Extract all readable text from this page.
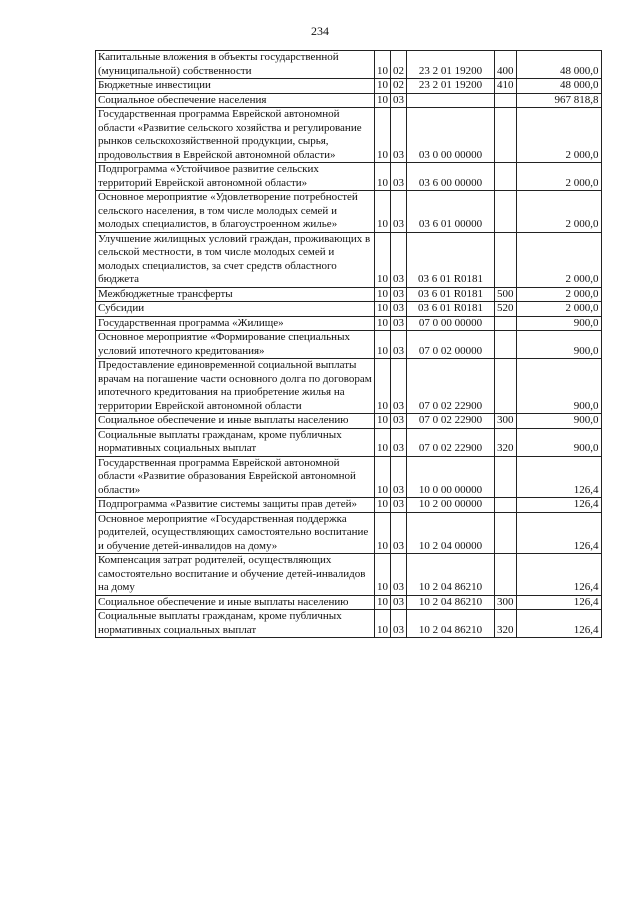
234
Капитальные вложения в объекты государственной (муниципальной) собственности	10	02	23 2 01 19200	400	48 000,0
Бюджетные инвестиции	10	02	23 2 01 19200	410	48 000,0
Социальное обеспечение населения	10	03			967 818,8
Государственная программа Еврейской автономной области «Развитие сельского хозяйства и регулирование рынков сельскохозяйственной продукции, сырья, продовольствия в Еврейской автономной области»	10	03	03 0 00 00000		2 000,0
Подпрограмма «Устойчивое развитие сельских территорий Еврейской автономной области»	10	03	03 6 00 00000		2 000,0
Основное мероприятие «Удовлетворение потребностей сельского населения, в том числе молодых семей и молодых специалистов, в благоустроенном жилье»	10	03	03 6 01 00000		2 000,0
Улучшение жилищных условий граждан, проживающих в сельской местности, в том числе молодых семей и молодых специалистов, за счет средств областного бюджета	10	03	03 6 01 R0181		2 000,0
Межбюджетные трансферты	10	03	03 6 01 R0181	500	2 000,0
Субсидии	10	03	03 6 01 R0181	520	2 000,0
Государственная программа «Жилище»	10	03	07 0 00 00000		900,0
Основное мероприятие «Формирование специальных условий ипотечного кредитования»	10	03	07 0 02 00000		900,0
Предоставление единовременной социальной выплаты врачам на погашение части основного долга по договорам ипотечного кредитования на приобретение жилья на территории Еврейской автономной области	10	03	07 0 02 22900		900,0
Социальное обеспечение и иные выплаты населению	10	03	07 0 02 22900	300	900,0
Социальные выплаты гражданам, кроме публичных нормативных социальных выплат	10	03	07 0 02 22900	320	900,0
Государственная программа Еврейской автономной области «Развитие образования Еврейской автономной области»	10	03	10 0 00 00000		126,4
Подпрограмма «Развитие системы защиты прав детей»	10	03	10 2 00 00000		126,4
Основное мероприятие «Государственная поддержка родителей, осуществляющих самостоятельно воспитание и обучение детей-инвалидов на дому»	10	03	10 2 04 00000		126,4
Компенсация затрат родителей, осуществляющих самостоятельно воспитание и обучение детей-инвалидов на дому	10	03	10 2 04 86210		126,4
Социальное обеспечение и иные выплаты населению	10	03	10 2 04 86210	300	126,4
Социальные выплаты гражданам, кроме публичных нормативных социальных выплат	10	03	10 2 04 86210	320	126,4
